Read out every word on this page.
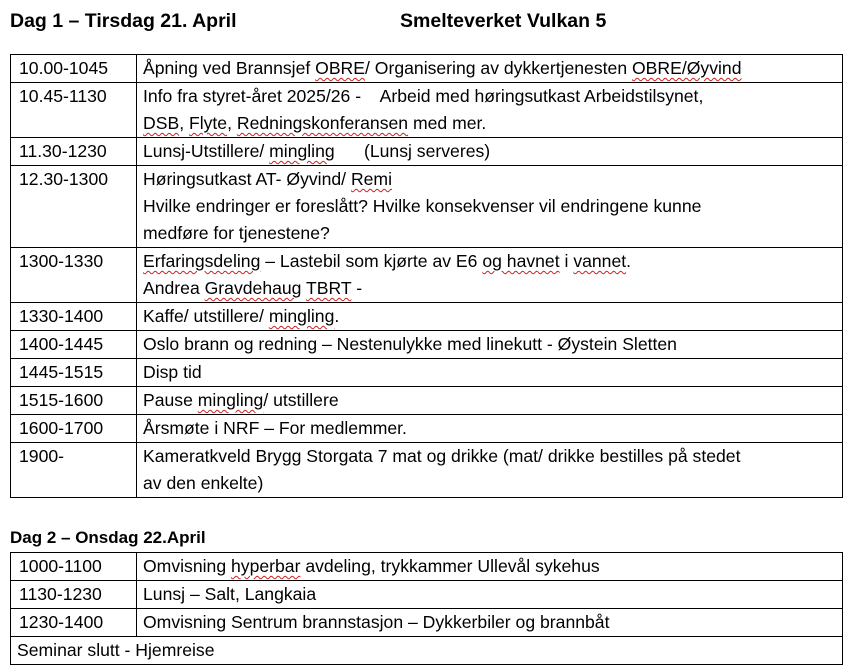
Dag 1 – Tirsdag 21. April	Smelteverket Vulkan 5
10.00-1045	Åpning ved Brannsjef OBRE/ Organisering av dykkertjenesten OBRE/Øyvind

10.45-1130	Info fra styret-året 2025/26 -    Arbeid med høringsutkast Arbeidstilsynet,
DSB, Flyte, Redningskonferansen med mer.

11.30-1230	Lunsj-Utstillere/ mingling      (Lunsj serveres)

12.30-1300	Høringsutkast AT- Øyvind/ Remi
Hvilke endringer er foreslått? Hvilke konsekvenser vil endringene kunne
medføre for tjenestene?

1300-1330	Erfaringsdeling – Lastebil som kjørte av E6 og havnet i vannet.
Andrea Gravdehaug TBRT -

1330-1400	Kaffe/ utstillere/ mingling.

1400-1445	Oslo brann og redning – Nestenulykke med linekutt - Øystein Sletten

1445-1515	Disp tid

1515-1600	Pause mingling/ utstillere

1600-1700	Årsmøte i NRF – For medlemmer.

1900-	Kameratkveld Brygg Storgata 7 mat og drikke (mat/ drikke bestilles på stedet
av den enkelte)
Dag 2 – Onsdag 22.April
1000-1100	Omvisning hyperbar avdeling, trykkammer Ullevål sykehus

1130-1230	Lunsj – Salt, Langkaia

1230-1400	Omvisning Sentrum brannstasjon – Dykkerbiler og brannbåt

Seminar slutt - Hjemreise	
